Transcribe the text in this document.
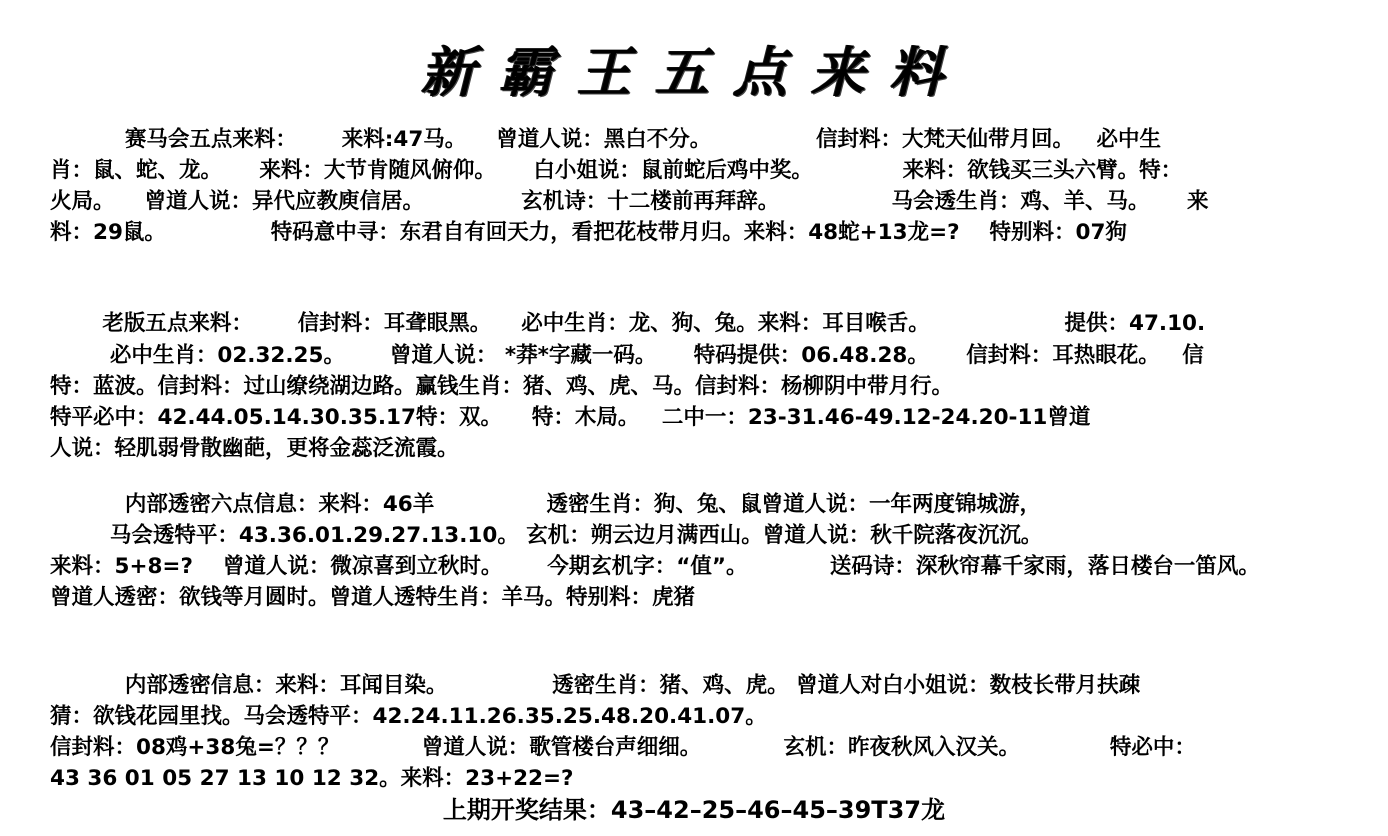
新霸王五点来料
赛马会五点来料：      来料:47马。    曾道人说：黑白不分。              信封料：大梵天仙带月回。   必中生
肖：鼠、蛇、龙。     来料：大节肯随风俯仰。     白小姐说：鼠前蛇后鸡中奖。            来料：欲钱买三头六臂。特：
火局。    曾道人说：异代应教庾信居。             玄机诗：十二楼前再拜辞。               马会透生肖：鸡、羊、马。     来
料：29鼠。              特码意中寻：东君自有回天力，看把花枝带月归。来料：48蛇+13龙=?    特别料：07狗
老版五点来料：      信封料：耳聋眼黑。    必中生肖：龙、狗、兔。来料：耳目喉舌。                  提供：47.10.
必中生肖：02.32.25。      曾道人说： *莽*字藏一码。     特码提供：06.48.28。     信封料：耳热眼花。   信
特：蓝波。信封料：过山缭绕湖边路。赢钱生肖：猪、鸡、虎、马。信封料：杨柳阴中带月行。
特平必中：42.44.05.14.30.35.17特：双。    特：木局。   二中一：23-31.46-49.12-24.20-11曾道
人说：轻肌弱骨散幽葩，更将金蕊泛流霞。
内部透密六点信息：来料：46羊               透密生肖：狗、兔、鼠曾道人说：一年两度锦城游，
马会透特平：43.36.01.29.27.13.10。 玄机：朔云边月满西山。曾道人说：秋千院落夜沉沉。
来料：5+8=?    曾道人说：微凉喜到立秋时。      今期玄机字：“值”。           送码诗：深秋帘幕千家雨，落日楼台一笛风。
曾道人透密：欲钱等月圆时。曾道人透特生肖：羊马。特别料：虎猪
内部透密信息：来料：耳闻目染。              透密生肖：猪、鸡、虎。 曾道人对白小姐说：数枝长带月扶疎
猜：欲钱花园里找。马会透特平：42.24.11.26.35.25.48.20.41.07。
信封料：08鸡+38兔=？？？           曾道人说：歌管楼台声细细。           玄机：昨夜秋风入汉关。            特必中：
43 36 01 05 27 13 10 12 32。来料：23+22=?
上期开奖结果：43–42–25–46–45–39T37龙
